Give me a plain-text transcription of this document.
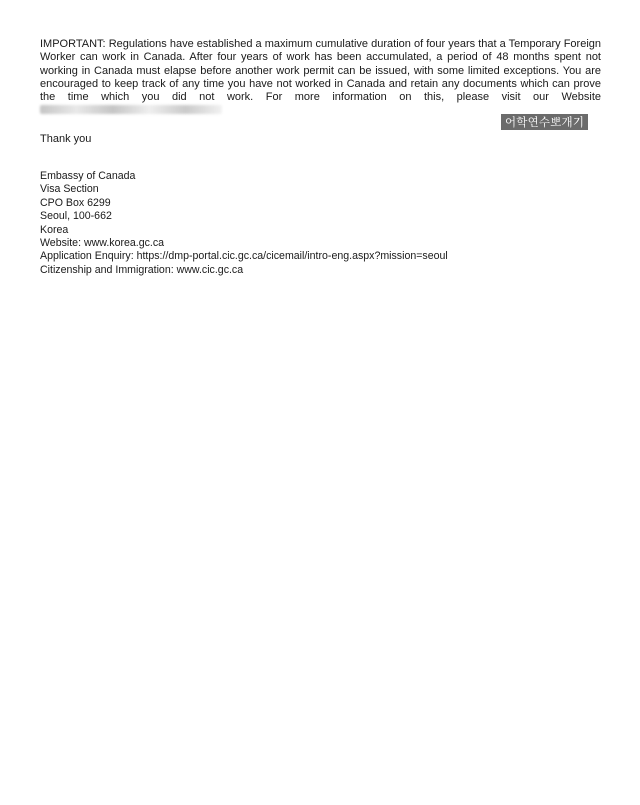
IMPORTANT: Regulations have established a maximum cumulative duration of four years that a Temporary Foreign Worker can work in Canada. After four years of work has been accumulated, a period of 48 months spent not working in Canada must elapse before another work permit can be issued, with some limited exceptions. You are encouraged to keep track of any time you have not worked in Canada and retain any documents which can prove the time which you did not work. For more information on this, please visit our Website

어학연수뽀개기
Thank you
Embassy of Canada
Visa Section
CPO Box 6299
Seoul, 100-662
Korea
Website: www.korea.gc.ca
Application Enquiry: https://dmp-portal.cic.gc.ca/cicemail/intro-eng.aspx?mission=seoul
Citizenship and Immigration: www.cic.gc.ca
